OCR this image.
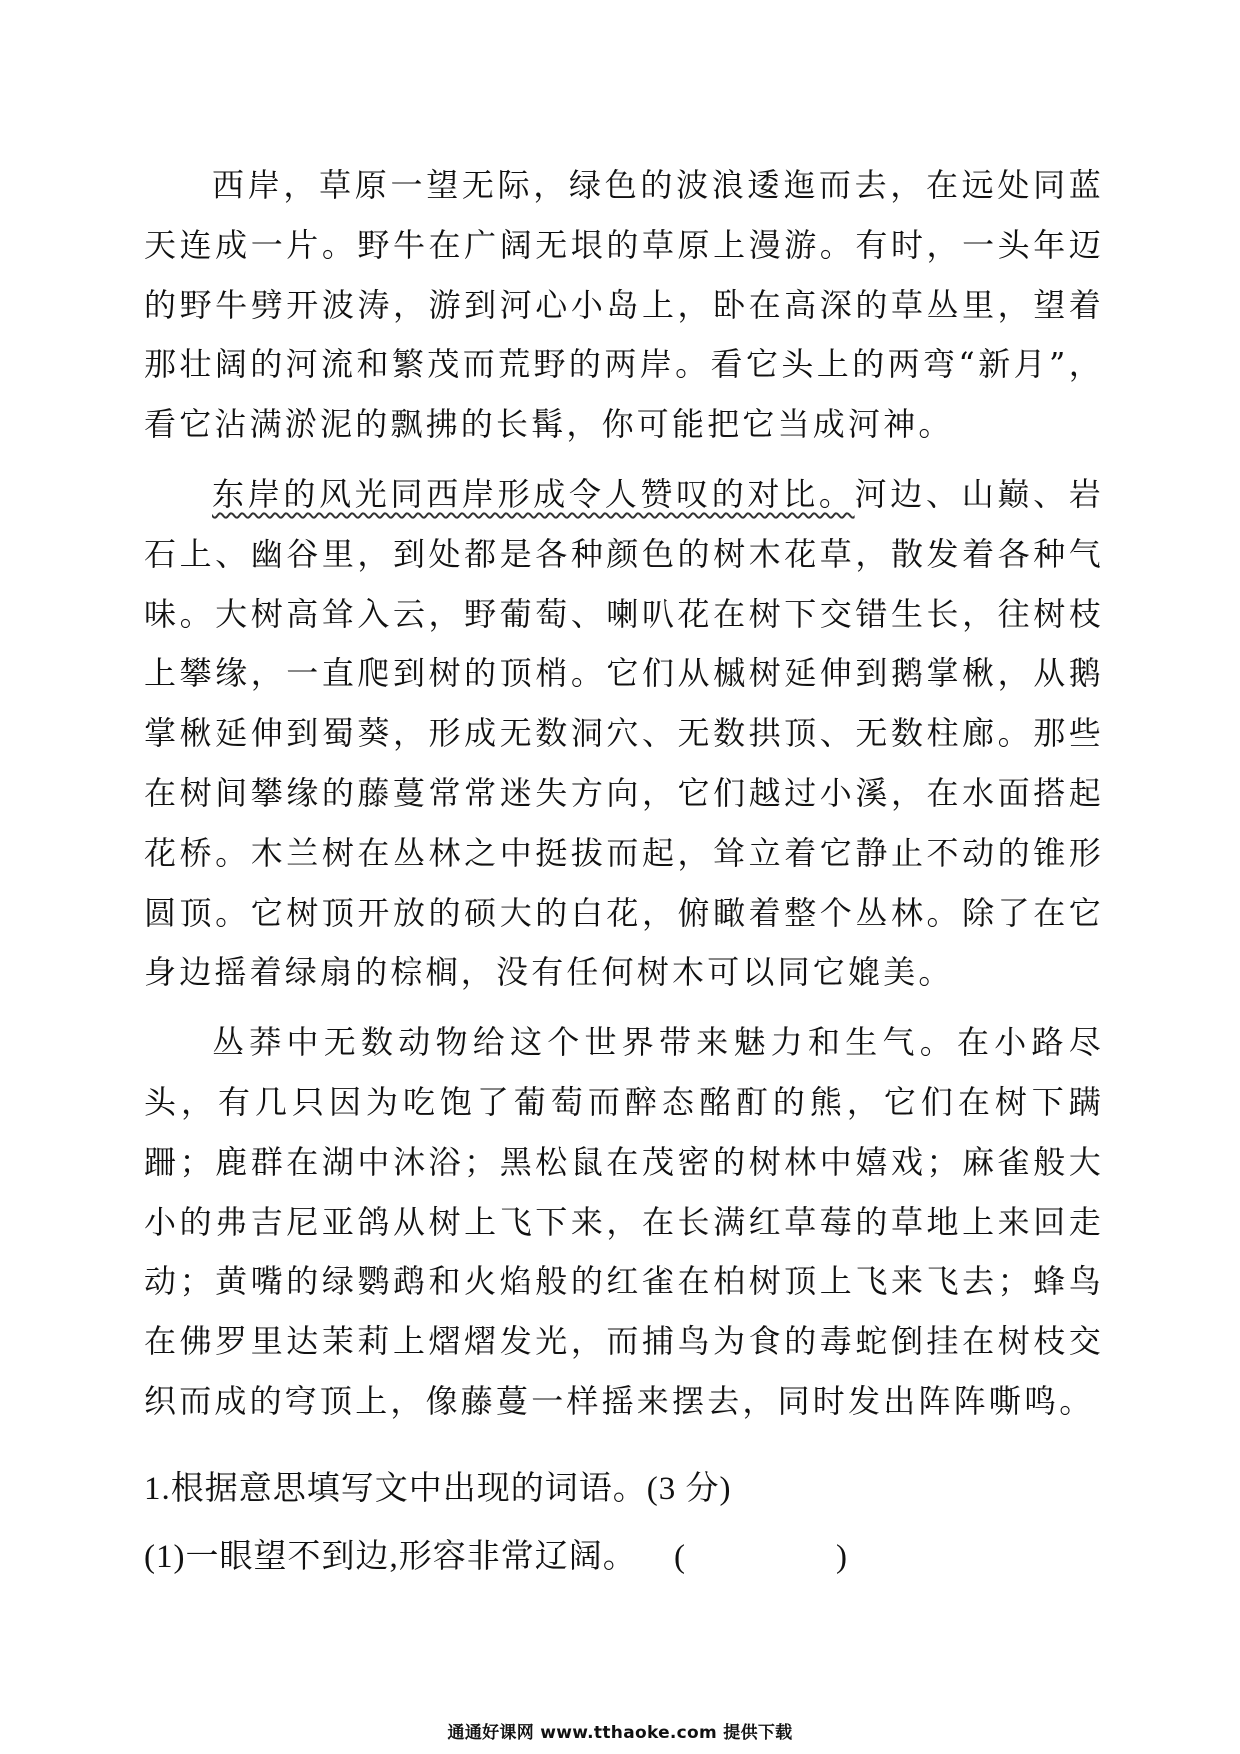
西岸，草原一望无际，绿色的波浪逶迤而去，在远处同蓝天连成一片。野牛在广阔无垠的草原上漫游。有时，一头年迈的野牛劈开波涛，游到河心小岛上，卧在高深的草丛里，望着那壮阔的河流和繁茂而荒野的两岸。看它头上的两弯“新月”，看它沾满淤泥的飘拂的长髯，你可能把它当成河神。

东岸的风光同西岸形成令人赞叹的对比。河边、山巅、岩石上、幽谷里，到处都是各种颜色的树木花草，散发着各种气味。大树高耸入云，野葡萄、喇叭花在树下交错生长，往树枝上攀缘，一直爬到树的顶梢。它们从槭树延伸到鹅掌楸，从鹅掌楸延伸到蜀葵，形成无数洞穴、无数拱顶、无数柱廊。那些在树间攀缘的藤蔓常常迷失方向，它们越过小溪，在水面搭起花桥。木兰树在丛林之中挺拔而起，耸立着它静止不动的锥形圆顶。它树顶开放的硕大的白花，俯瞰着整个丛林。除了在它身边摇着绿扇的棕榈，没有任何树木可以同它媲美。

丛莽中无数动物给这个世界带来魅力和生气。在小路尽头，有几只因为吃饱了葡萄而醉态酩酊的熊，它们在树下蹒跚；鹿群在湖中沐浴；黑松鼠在茂密的树林中嬉戏；麻雀般大小的弗吉尼亚鸽从树上飞下来，在长满红草莓的草地上来回走动；黄嘴的绿鹦鹉和火焰般的红雀在柏树顶上飞来飞去；蜂鸟在佛罗里达茉莉上熠熠发光，而捕鸟为食的毒蛇倒挂在树枝交织而成的穹顶上，像藤蔓一样摇来摆去，同时发出阵阵嘶鸣。

1.根据意思填写文中出现的词语。(3 分)
(1)一眼望不到边,形容非常辽阔。 (	)
通通好课网 www.tthaoke.com 提供下载
